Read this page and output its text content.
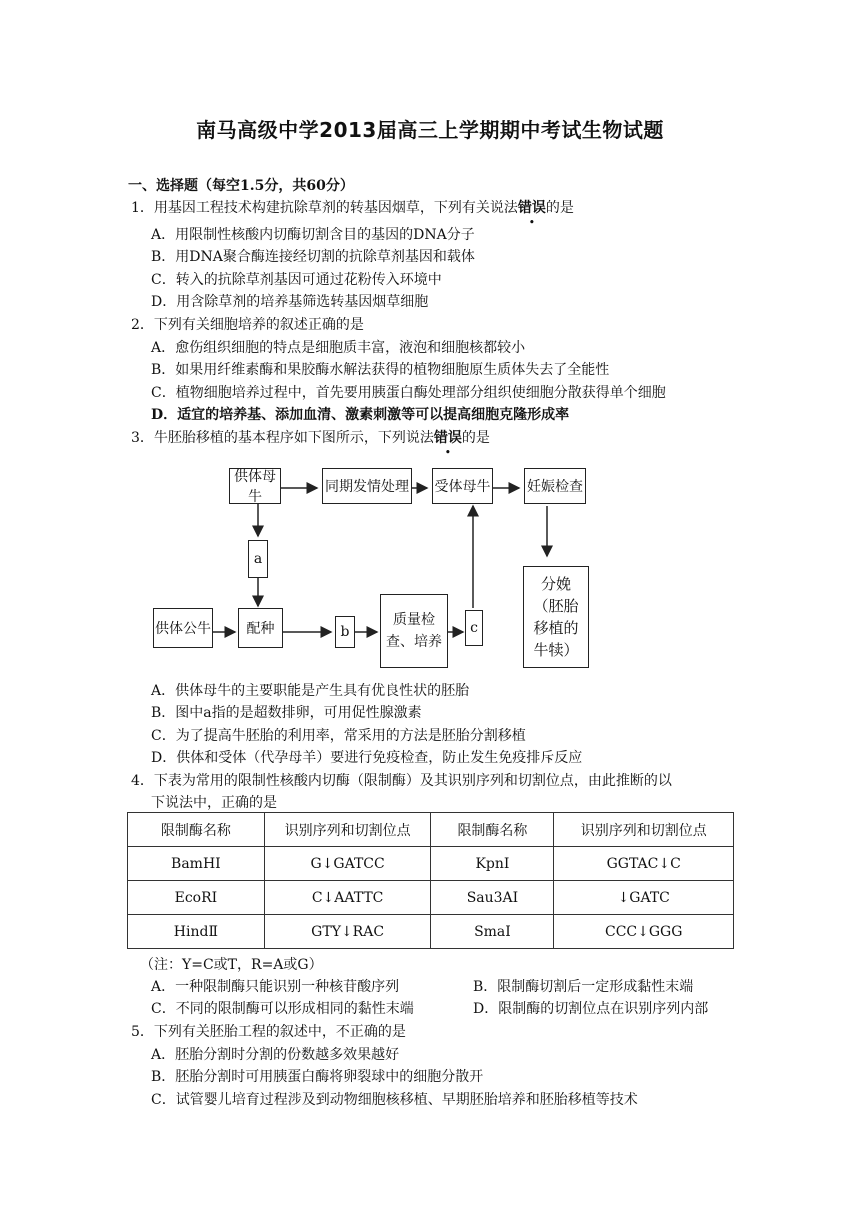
南马高级中学2013届高三上学期期中考试生物试题
一、选择题（每空1.5分，共60分）
1．用基因工程技术构建抗除草剂的转基因烟草，下列有关说法错误的是
A．用限制性核酸内切酶切割含目的基因的DNA分子
B．用DNA聚合酶连接经切割的抗除草剂基因和载体
C．转入的抗除草剂基因可通过花粉传入环境中
D．用含除草剂的培养基筛选转基因烟草细胞
2．下列有关细胞培养的叙述正确的是
A．愈伤组织细胞的特点是细胞质丰富，液泡和细胞核都较小
B．如果用纤维素酶和果胶酶水解法获得的植物细胞原生质体失去了全能性
C．植物细胞培养过程中，首先要用胰蛋白酶处理部分组织使细胞分散获得单个细胞
D．适宜的培养基、添加血清、激素刺激等可以提高细胞克隆形成率
3．牛胚胎移植的基本程序如下图所示，下列说法错误的是
供体母牛
同期发情处理 受体母牛	妊娠检查
a
供体公牛	配种	b
质量检查、培养
c
分娩（胚胎移植的牛犊）
A．供体母牛的主要职能是产生具有优良性状的胚胎
B．图中a指的是超数排卵，可用促性腺激素
C．为了提高牛胚胎的利用率，常采用的方法是胚胎分割移植
D．供体和受体（代孕母羊）要进行免疫检查，防止发生免疫排斥反应
4．下表为常用的限制性核酸内切酶（限制酶）及其识别序列和切割位点，由此推断的以
下说法中，正确的是
限制酶名称	识别序列和切割位点	限制酶名称	识别序列和切割位点
BamHⅠ	G↓GATCC	KpnⅠ	GGTAC↓C
EcoRⅠ	C↓AATTC	Sau3AⅠ	↓GATC
HindⅡ	GTY↓RAC	SmaⅠ	CCC↓GGG
（注：Y=C或T，R=A或G）
A．一种限制酶只能识别一种核苷酸序列	B．限制酶切割后一定形成黏性末端
C．不同的限制酶可以形成相同的黏性末端	D．限制酶的切割位点在识别序列内部
5．下列有关胚胎工程的叙述中，不正确的是
A．胚胎分割时分割的份数越多效果越好
B．胚胎分割时可用胰蛋白酶将卵裂球中的细胞分散开
C．试管婴儿培育过程涉及到动物细胞核移植、早期胚胎培养和胚胎移植等技术
